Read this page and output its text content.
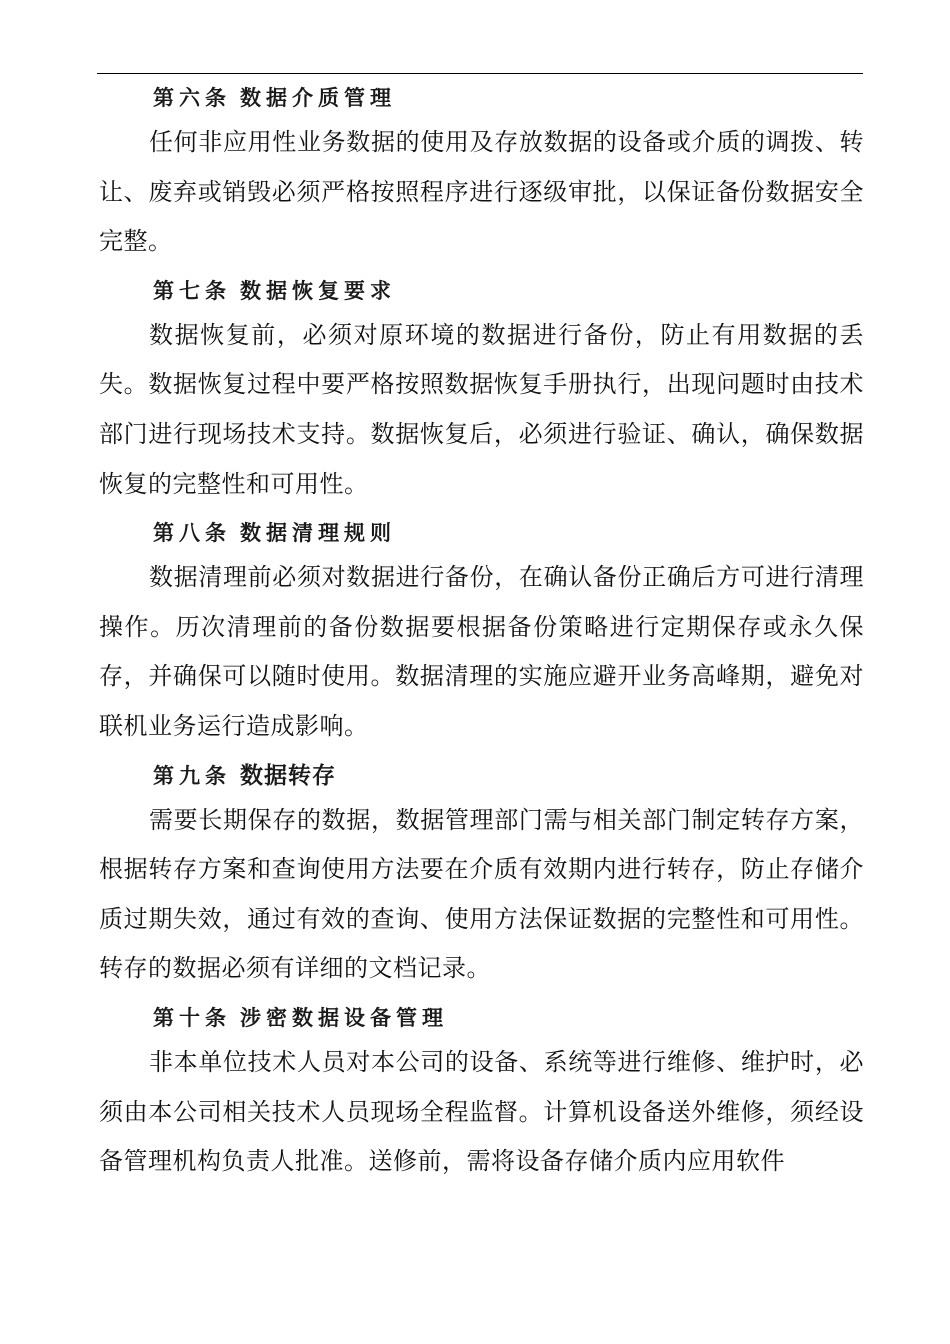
第六条 数据介质管理

任何非应用性业务数据的使用及存放数据的设备或介质的调拨、转让、废弃或销毁必须严格按照程序进行逐级审批，以保证备份数据安全完整。

第七条 数据恢复要求

数据恢复前，必须对原环境的数据进行备份，防止有用数据的丢失。数据恢复过程中要严格按照数据恢复手册执行，出现问题时由技术部门进行现场技术支持。数据恢复后，必须进行验证、确认，确保数据恢复的完整性和可用性。

第八条 数据清理规则

数据清理前必须对数据进行备份，在确认备份正确后方可进行清理操作。历次清理前的备份数据要根据备份策略进行定期保存或永久保存，并确保可以随时使用。数据清理的实施应避开业务高峰期，避免对联机业务运行造成影响。

第九条 数据转存

需要长期保存的数据，数据管理部门需与相关部门制定转存方案，根据转存方案和查询使用方法要在介质有效期内进行转存，防止存储介质过期失效，通过有效的查询、使用方法保证数据的完整性和可用性。转存的数据必须有详细的文档记录。

第十条 涉密数据设备管理

非本单位技术人员对本公司的设备、系统等进行维修、维护时，必须由本公司相关技术人员现场全程监督。计算机设备送外维修，须经设备管理机构负责人批准。送修前，需将设备存储介质内应用软件
